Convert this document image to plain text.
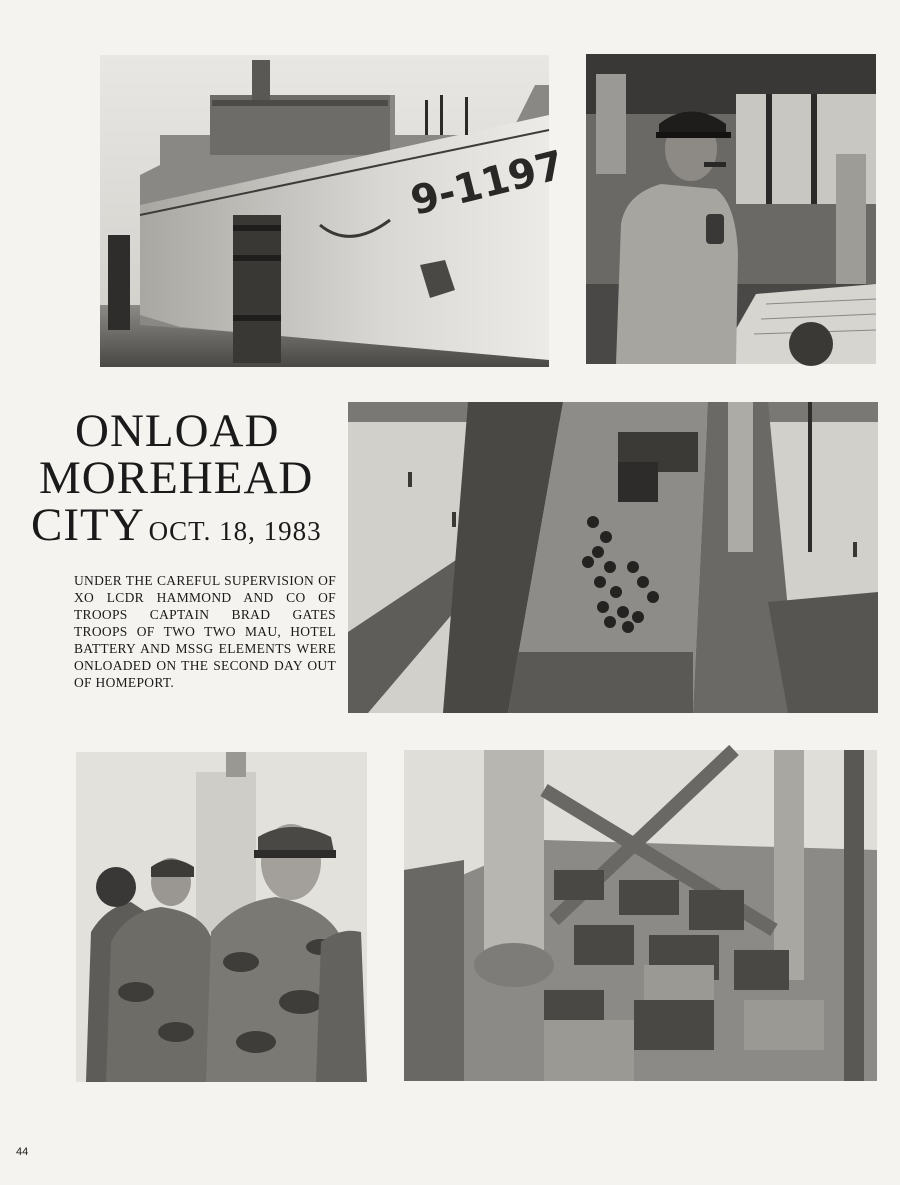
9-1197
ONLOAD
MOREHEAD
CITY OCT. 18, 1983
UNDER THE CAREFUL SUPERVISION OF XO LCDR HAMMOND AND CO OF TROOPS CAPTAIN BRAD GATES TROOPS OF TWO TWO MAU, HOTEL BATTERY AND MSSG ELEMENTS WERE ONLOADED ON THE SECOND DAY OUT OF HOMEPORT.
44
